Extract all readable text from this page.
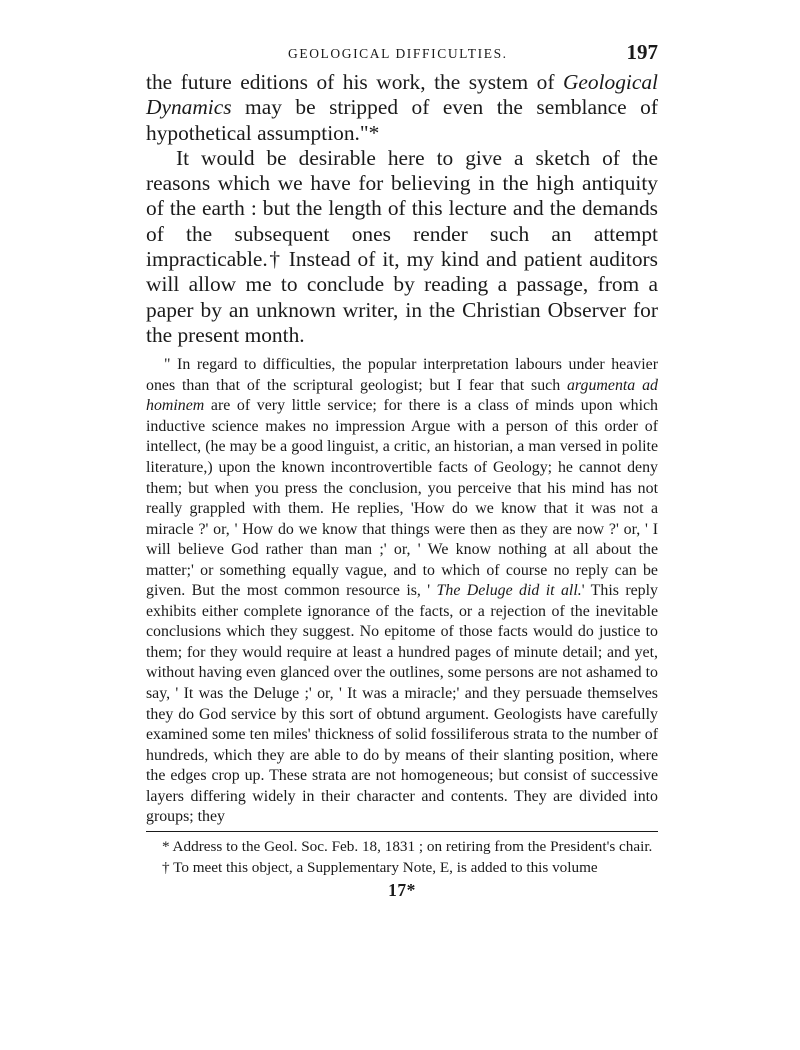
GEOLOGICAL DIFFICULTIES.	197

the future editions of his work, the system of Geological Dynamics may be stripped of even the semblance of hypothetical assumption."*

It would be desirable here to give a sketch of the reasons which we have for believing in the high antiquity of the earth : but the length of this lecture and the demands of the subsequent ones render such an attempt impracticable.† Instead of it, my kind and patient auditors will allow me to conclude by reading a passage, from a paper by an unknown writer, in the Christian Observer for the present month.

" In regard to difficulties, the popular interpretation labours under heavier ones than that of the scriptural geologist; but I fear that such argumenta ad hominem are of very little service; for there is a class of minds upon which inductive science makes no impression Argue with a person of this order of intellect, (he may be a good linguist, a critic, an historian, a man versed in polite literature,) upon the known incontrovertible facts of Geology; he cannot deny them; but when you press the conclusion, you perceive that his mind has not really grappled with them. He replies, 'How do we know that it was not a miracle ?' or, ' How do we know that things were then as they are now ?' or, ' I will believe God rather than man ;' or, ' We know nothing at all about the matter;' or something equally vague, and to which of course no reply can be given. But the most common resource is, ' The Deluge did it all.' This reply exhibits either complete ignorance of the facts, or a rejection of the inevitable conclusions which they suggest. No epitome of those facts would do justice to them; for they would require at least a hundred pages of minute detail; and yet, without having even glanced over the outlines, some persons are not ashamed to say, ' It was the Deluge ;' or, ' It was a miracle;' and they persuade themselves they do God service by this sort of obtund argument. Geologists have carefully examined some ten miles' thickness of solid fossiliferous strata to the number of hundreds, which they are able to do by means of their slanting position, where the edges crop up. These strata are not homogeneous; but consist of successive layers differing widely in their character and contents. They are divided into groups; they

* Address to the Geol. Soc. Feb. 18, 1831 ; on retiring from the President's chair.

† To meet this object, a Supplementary Note, E, is added to this volume

17*
